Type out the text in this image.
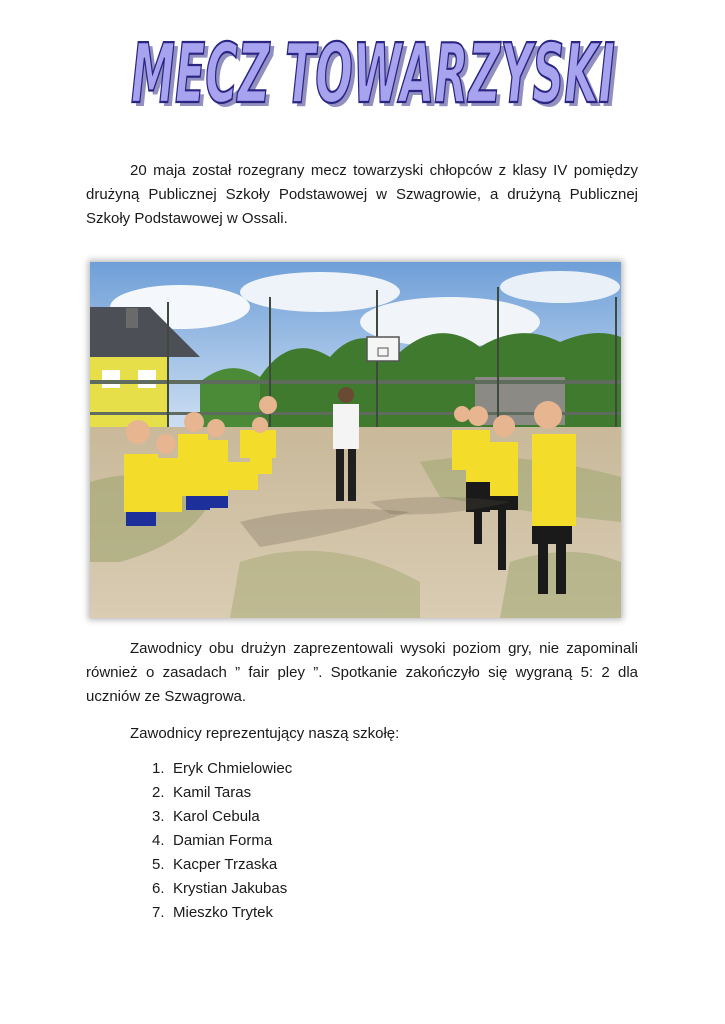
MECZ TOWARZYSKI
MECZ TOWARZYSKI

20 maja został rozegrany mecz towarzyski chłopców z klasy IV pomiędzy drużyną Publicznej Szkoły Podstawowej w Szwagrowie, a drużyną Publicznej Szkoły Podstawowej w Ossali.

Zawodnicy obu drużyn zaprezentowali wysoki poziom gry, nie zapominali również o zasadach ” fair pley ”. Spotkanie zakończyło się wygraną 5: 2 dla uczniów ze Szwagrowa.

Zawodnicy reprezentujący naszą szkołę:

1. Eryk Chmielowiec
2. Kamil Taras
3. Karol Cebula
4. Damian Forma
5. Kacper Trzaska
6. Krystian Jakubas
7. Mieszko Trytek
